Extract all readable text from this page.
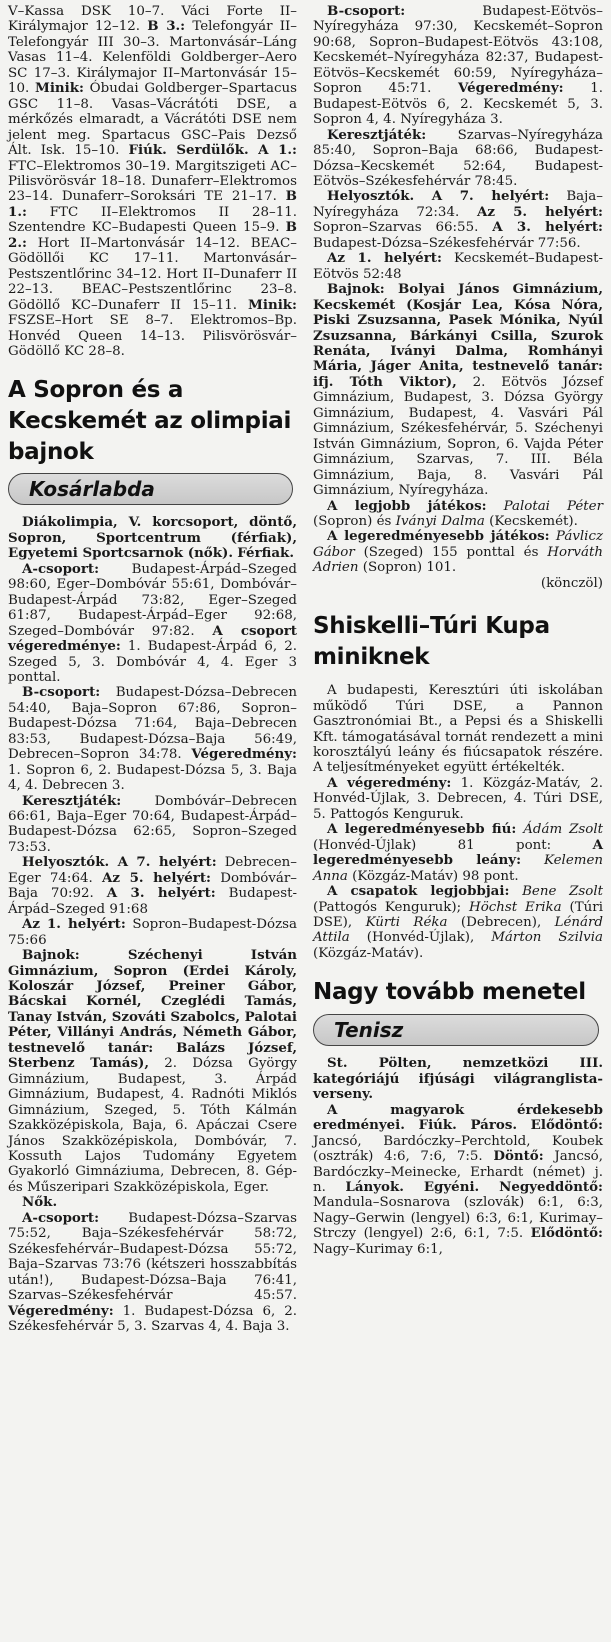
V–Kassa DSK 10–7. Váci Forte II–Királymajor 12–12. B 3.: Telefongyár II–Telefongyár III 30–3. Martonvásár–Láng Vasas 11–4. Kelenföldi Goldberger–Aero SC 17–3. Királymajor II–Martonvásár 15–10. Minik: Óbudai Goldberger–Spartacus GSC 11–8. Vasas–Vácrátóti DSE, a mérkőzés elmaradt, a Vácrátóti DSE nem jelent meg. Spartacus GSC–Pais Dezső Ált. Isk. 15–10. Fiúk. Serdülők. A 1.: FTC–Elektromos 30–19. Margitszigeti AC–Pilisvörösvár 18–18. Dunaferr–Elektromos 23–14. Dunaferr–Soroksári TE 21–17. B 1.: FTC II–Elektromos II 28–11. Szentendre KC–Budapesti Queen 15–9. B 2.: Hort II–Martonvásár 14–12. BEAC–Gödöllői KC 17–11. Martonvásár–Pestszentlőrinc 34–12. Hort II–Dunaferr II 22–13. BEAC–Pestszentlőrinc 23–8. Gödöllő KC–Dunaferr II 15–11. Minik: FSZSE–Hort SE 8–7. Elektromos–Bp. Honvéd Queen 14–13. Pilisvörösvár–Gödöllő KC 28–8.

A Sopron és a Kecskemét az olimpiai bajnok
Kosárlabda

Diákolimpia, V. korcsoport, döntő, Sopron, Sportcentrum (férfiak), Egyetemi Sportcsarnok (nők). Férfiak.

A-csoport: Budapest-Árpád–Szeged 98:60, Eger–Dombóvár 55:61, Dombóvár–Budapest-Árpád 73:82, Eger–Szeged 61:87, Budapest-Árpád–Eger 92:68, Szeged–Dombóvár 97:82. A csoport végeredménye: 1. Budapest-Árpád 6, 2. Szeged 5, 3. Dombóvár 4, 4. Eger 3 ponttal.

B-csoport: Budapest-Dózsa–Debrecen 54:40, Baja–Sopron 67:86, Sopron–Budapest-Dózsa 71:64, Baja–Debrecen 83:53, Budapest-Dózsa–Baja 56:49, Debrecen–Sopron 34:78. Végeredmény: 1. Sopron 6, 2. Budapest-Dózsa 5, 3. Baja 4, 4. Debrecen 3.

Keresztjáték: Dombóvár–Debrecen 66:61, Baja–Eger 70:64, Budapest-Árpád–Budapest-Dózsa 62:65, Sopron–Szeged 73:53.

Helyosztók. A 7. helyért: Debrecen–Eger 74:64. Az 5. helyért: Dombóvár–Baja 70:92. A 3. helyért: Budapest-Árpád–Szeged 91:68

Az 1. helyért: Sopron–Budapest-Dózsa 75:66

Bajnok: Széchenyi István Gimnázium, Sopron (Erdei Károly, Koloszár József, Preiner Gábor, Bácskai Kornél, Czeglédi Tamás, Tanay István, Szováti Szabolcs, Palotai Péter, Villányi András, Németh Gábor, testnevelő tanár: Balázs József, Sterbenz Tamás), 2. Dózsa György Gimnázium, Budapest, 3. Árpád Gimnázium, Budapest, 4. Radnóti Miklós Gimnázium, Szeged, 5. Tóth Kálmán Szakközépiskola, Baja, 6. Apáczai Csere János Szakközépiskola, Dombóvár, 7. Kossuth Lajos Tudomány Egyetem Gyakorló Gimnáziuma, Debrecen, 8. Gép- és Műszeripari Szakközépiskola, Eger.

Nők.

A-csoport: Budapest-Dózsa–Szarvas 75:52, Baja–Székesfehérvár 58:72, Székesfehérvár–Budapest-Dózsa 55:72, Baja–Szarvas 73:76 (kétszeri hosszabbítás után!), Budapest-Dózsa–Baja 76:41, Szarvas–Székesfehérvár 45:57. Végeredmény: 1. Budapest-Dózsa 6, 2. Székesfehérvár 5, 3. Szarvas 4, 4. Baja 3.

B-csoport: Budapest-Eötvös–Nyíregyháza 97:30, Kecskemét–Sopron 90:68, Sopron–Budapest-Eötvös 43:108, Kecskemét–Nyíregyháza 82:37, Budapest-Eötvös–Kecskemét 60:59, Nyíregyháza–Sopron 45:71. Végeredmény: 1. Budapest-Eötvös 6, 2. Kecskemét 5, 3. Sopron 4, 4. Nyíregyháza 3.

Keresztjáték: Szarvas–Nyíregyháza 85:40, Sopron–Baja 68:66, Budapest-Dózsa–Kecskemét 52:64, Budapest-Eötvös–Székesfehérvár 78:45.

Helyosztók. A 7. helyért: Baja–Nyíregyháza 72:34. Az 5. helyért: Sopron–Szarvas 66:55. A 3. helyért: Budapest-Dózsa–Székesfehérvár 77:56.

Az 1. helyért: Kecskemét–Budapest-Eötvös 52:48

Bajnok: Bolyai János Gimnázium, Kecskemét (Kosjár Lea, Kósa Nóra, Piski Zsuzsanna, Pasek Mónika, Nyúl Zsuzsanna, Bárkányi Csilla, Szurok Renáta, Iványi Dalma, Romhányi Mária, Jáger Anita, testnevelő tanár: ifj. Tóth Viktor), 2. Eötvös József Gimnázium, Budapest, 3. Dózsa György Gimnázium, Budapest, 4. Vasvári Pál Gimnázium, Székesfehérvár, 5. Széchenyi István Gimnázium, Sopron, 6. Vajda Péter Gimnázium, Szarvas, 7. III. Béla Gimnázium, Baja, 8. Vasvári Pál Gimnázium, Nyíregyháza.

A legjobb játékos: Palotai Péter (Sopron) és Iványi Dalma (Kecskemét).

A legeredményesebb játékos: Pávlicz Gábor (Szeged) 155 ponttal és Horváth Adrien (Sopron) 101.

(könczöl)

Shiskelli–Túri Kupa miniknek

A budapesti, Keresztúri úti iskolában működő Túri DSE, a Pannon Gasztronómiai Bt., a Pepsi és a Shiskelli Kft. támogatásával tornát rendezett a mini korosztályú leány és fiúcsapatok részére. A teljesítményeket együtt értékelték.

A végeredmény: 1. Közgáz-Matáv, 2. Honvéd-Újlak, 3. Debrecen, 4. Túri DSE, 5. Pattogós Kenguruk.

A legeredményesebb fiú: Ádám Zsolt (Honvéd-Újlak) 81 pont: A legeredményesebb leány: Kelemen Anna (Közgáz-Matáv) 98 pont.

A csapatok legjobbjai: Bene Zsolt (Pattogós Kenguruk); Höchst Erika (Túri DSE), Kürti Réka (Debrecen), Lénárd Attila (Honvéd-Újlak), Márton Szilvia (Közgáz-Matáv).

Nagy tovább menetel
Tenisz

St. Pölten, nemzetközi III. kategóriájú ifjúsági világranglista-verseny.

A magyarok érdekesebb eredményei. Fiúk. Páros. Elődöntő: Jancsó, Bardóczky–Perchtold, Koubek (osztrák) 4:6, 7:6, 7:5. Döntő: Jancsó, Bardóczky–Meinecke, Erhardt (német) j. n. Lányok. Egyéni. Negyeddöntő: Mandula–Sosnarova (szlovák) 6:1, 6:3, Nagy–Gerwin (lengyel) 6:3, 6:1, Kurimay–Strczy (lengyel) 2:6, 6:1, 7:5. Elődöntő: Nagy–Kurimay 6:1,
